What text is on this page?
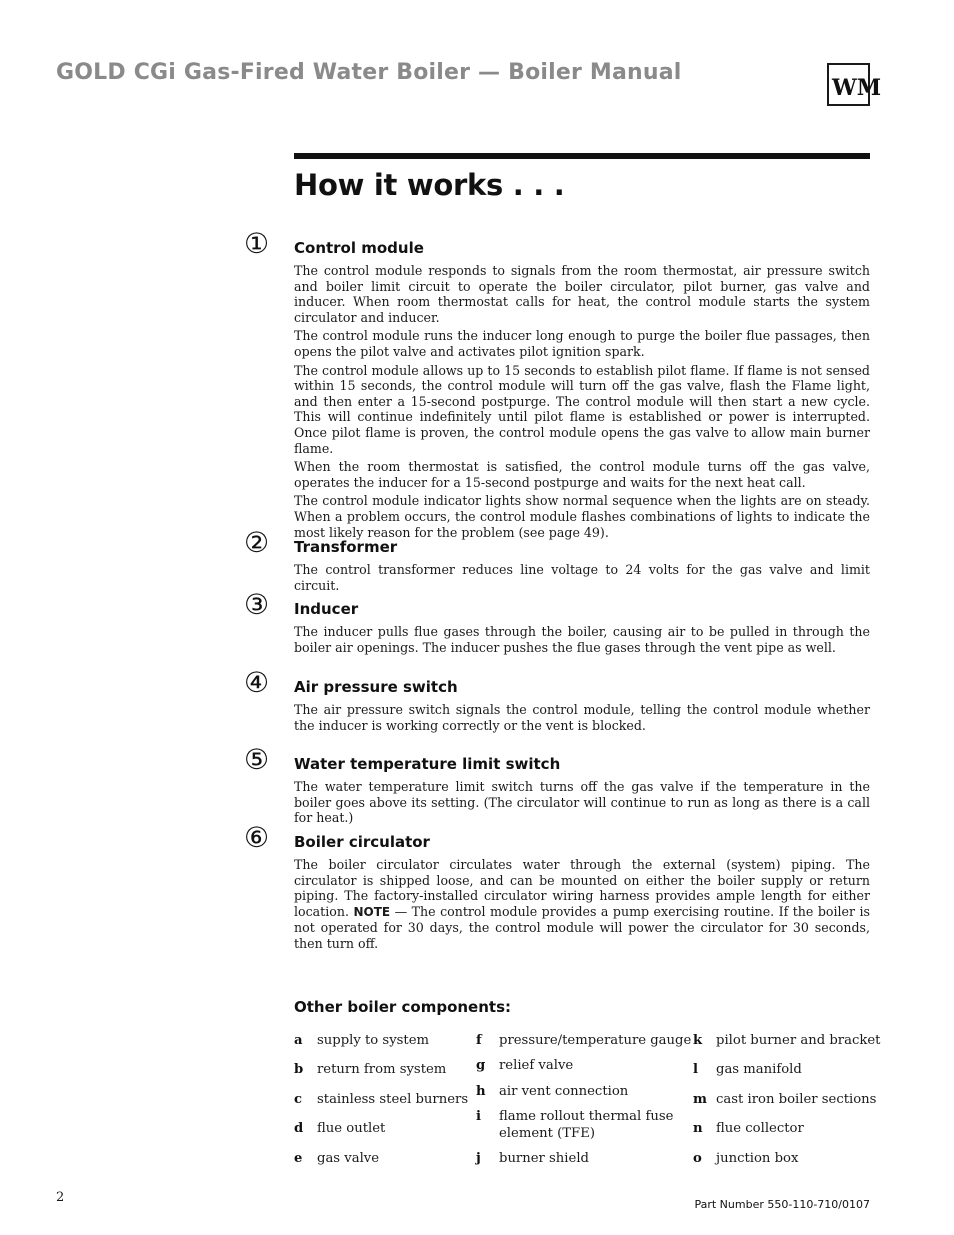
GOLD CGi Gas-Fired Water Boiler — Boiler Manual
WM
How it works . . .
① Control module

The control module responds to signals from the room thermostat, air pressure switch and boiler limit circuit to operate the boiler circulator, pilot burner, gas valve and inducer. When room thermostat calls for heat, the control module starts the system circulator and inducer.

The control module runs the inducer long enough to purge the boiler flue passages, then opens the pilot valve and activates pilot ignition spark.

The control module allows up to 15 seconds to establish pilot flame. If flame is not sensed within 15 seconds, the control module will turn off the gas valve, flash the Flame light, and then enter a 15-second postpurge. The control module will then start a new cycle. This will continue indefinitely until pilot flame is established or power is interrupted. Once pilot flame is proven, the control module opens the gas valve to allow main burner flame.

When the room thermostat is satisfied, the control module turns off the gas valve, operates the inducer for a 15-second postpurge and waits for the next heat call.

The control module indicator lights show normal sequence when the lights are on steady. When a problem occurs, the control module flashes combinations of lights to indicate the most likely reason for the problem (see page 49).

② Transformer

The control transformer reduces line voltage to 24 volts for the gas valve and limit circuit.

③ Inducer

The inducer pulls flue gases through the boiler, causing air to be pulled in through the boiler air openings. The inducer pushes the flue gases through the vent pipe as well.

④ Air pressure switch

The air pressure switch signals the control module, telling the control module whether the inducer is working correctly or the vent is blocked.

⑤ Water temperature limit switch

The water temperature limit switch turns off the gas valve if the temperature in the boiler goes above its setting. (The circulator will continue to run as long as there is a call for heat.)

⑥ Boiler circulator

The boiler circulator circulates water through the external (system) piping. The circulator is shipped loose, and can be mounted on either the boiler supply or return piping. The factory-installed circulator wiring harness provides ample length for either location. NOTE — The control module provides a pump exercising routine. If the boiler is not operated for 30 days, the control module will power the circulator for 30 seconds, then turn off.

Other boiler components:
a supply to system
b return from system
c stainless steel burners
d flue outlet
e gas valve
f pressure/temperature gauge
g relief valve
h air vent connection
i flame rollout thermal fuse
element (TFE)
j burner shield
k pilot burner and bracket
l gas manifold
m cast iron boiler sections
n flue collector
o junction box
2	Part Number 550-110-710/0107
